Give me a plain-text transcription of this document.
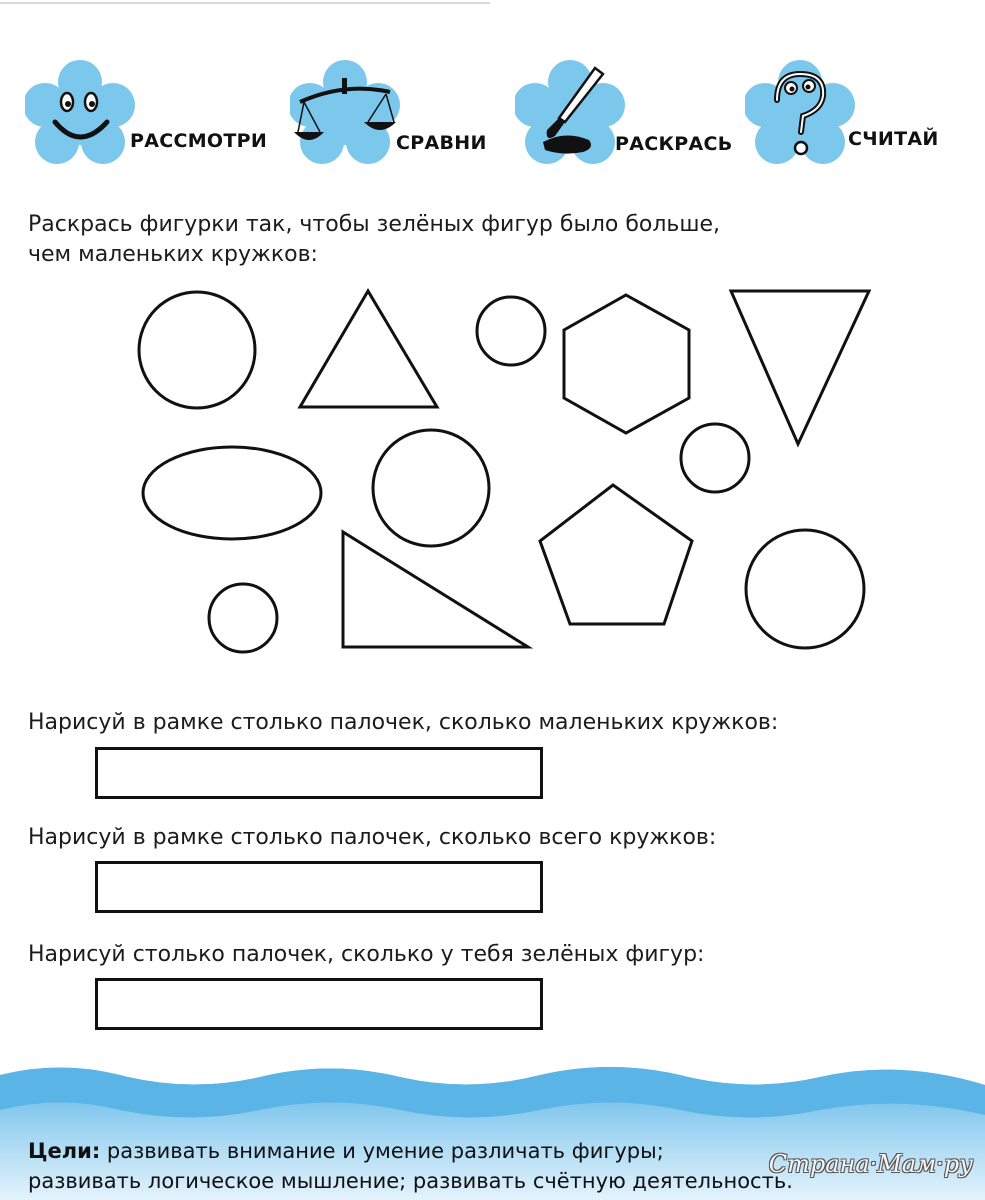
РАССМОТРИ	СРАВНИ	РАСКРАСЬ	СЧИТАЙ
Раскрась фигурки так, чтобы зелёных фигур было больше,
чем маленьких кружков:
Нарисуй в рамке столько палочек, сколько маленьких кружков:
Нарисуй в рамке столько палочек, сколько всего кружков:
Нарисуй столько палочек, сколько у тебя зелёных фигур:
Цели: развивать внимание и умение различать фигуры;
развивать логическое мышление; развивать счётную деятельность.
Страна·Мам·ру
